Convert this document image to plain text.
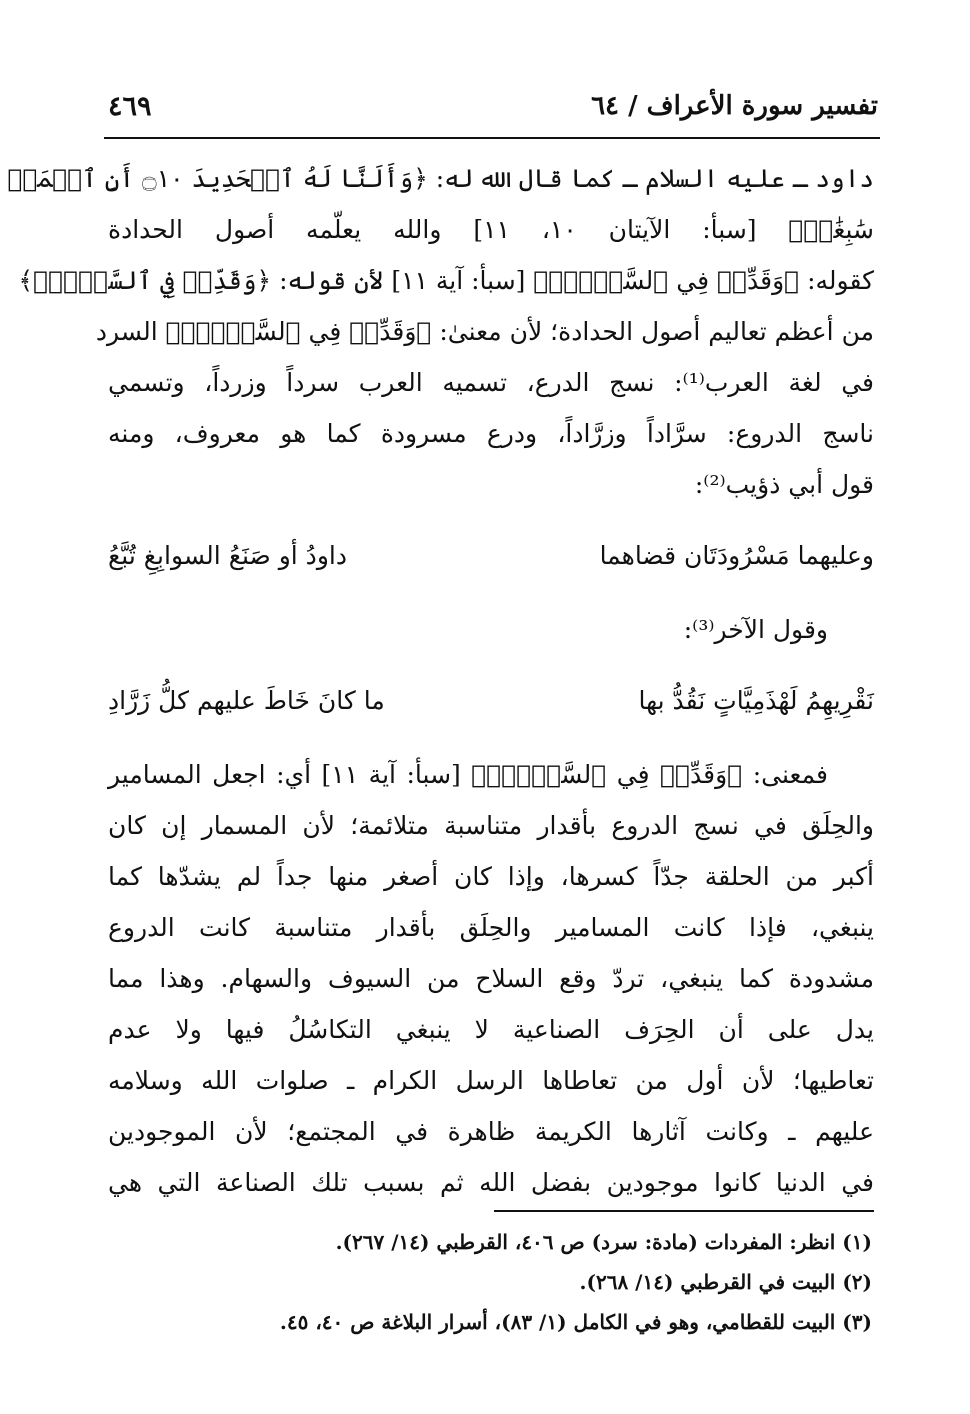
٤٦٩	تفسير سورة الأعراف / ٦٤
داود ـ عليه السلام ـ كما قال الله له: ﴿وَأَلَنَّا لَهُ ٱلۡحَدِيدَ ۝١٠ أَنِ ٱعۡمَلۡ
سَٰبِغَٰتٖ﴾ [سبأ: الآيتان ١٠، ١١] والله يعلّمه أصول الحدادة
كقوله: ﴿وَقَدِّرۡ فِي ٱلسَّرۡدِۖ﴾ [سبأ: آية ١١] لأن قوله: ﴿وَقَدِّرۡ فِي ٱلسَّرۡدِۖ﴾
من أعظم تعاليم أصول الحدادة؛ لأن معنىٰ: ﴿وَقَدِّرۡ فِي ٱلسَّرۡدِۖ﴾ السرد
في لغة العرب⁽¹⁾: نسج الدرع، تسميه العرب سرداً وزرداً، وتسمي
ناسج الدروع: سرَّاداً وزرَّاداً، ودرع مسرودة كما هو معروف، ومنه
قول أبي ذؤيب⁽²⁾:
وعليهما مَسْرُودَتَان قضاهما
داودُ أو صَنَعُ السوابِغِ تُبَّعُ
وقول الآخر⁽³⁾:
نَقْرِيهِمُ لَهْذَمِيَّاتٍ نَقُدُّ بها
ما كانَ خَاطَ عليهم كلُّ زَرَّادِ
فمعنى: ﴿وَقَدِّرۡ فِي ٱلسَّرۡدِۖ﴾ [سبأ: آية ١١] أي: اجعل المسامير
والحِلَق في نسج الدروع بأقدار متناسبة متلائمة؛ لأن المسمار إن كان
أكبر من الحلقة جدّاً كسرها، وإذا كان أصغر منها جداً لم يشدّها كما
ينبغي، فإذا كانت المسامير والحِلَق بأقدار متناسبة كانت الدروع
مشدودة كما ينبغي، تردّ وقع السلاح من السيوف والسهام. وهذا مما
يدل على أن الحِرَف الصناعية لا ينبغي التكاسُلُ فيها ولا عدم
تعاطيها؛ لأن أول من تعاطاها الرسل الكرام ـ صلوات الله وسلامه
عليهم ـ وكانت آثارها الكريمة ظاهرة في المجتمع؛ لأن الموجودين
في الدنيا كانوا موجودين بفضل الله ثم بسبب تلك الصناعة التي هي
(١) انظر: المفردات (مادة: سرد) ص ٤٠٦، القرطبي (١٤/ ٢٦٧).
(٢) البيت في القرطبي (١٤/ ٢٦٨).
(٣) البيت للقطامي، وهو في الكامل (١/ ٨٣)، أسرار البلاغة ص ٤٠، ٤٥.
